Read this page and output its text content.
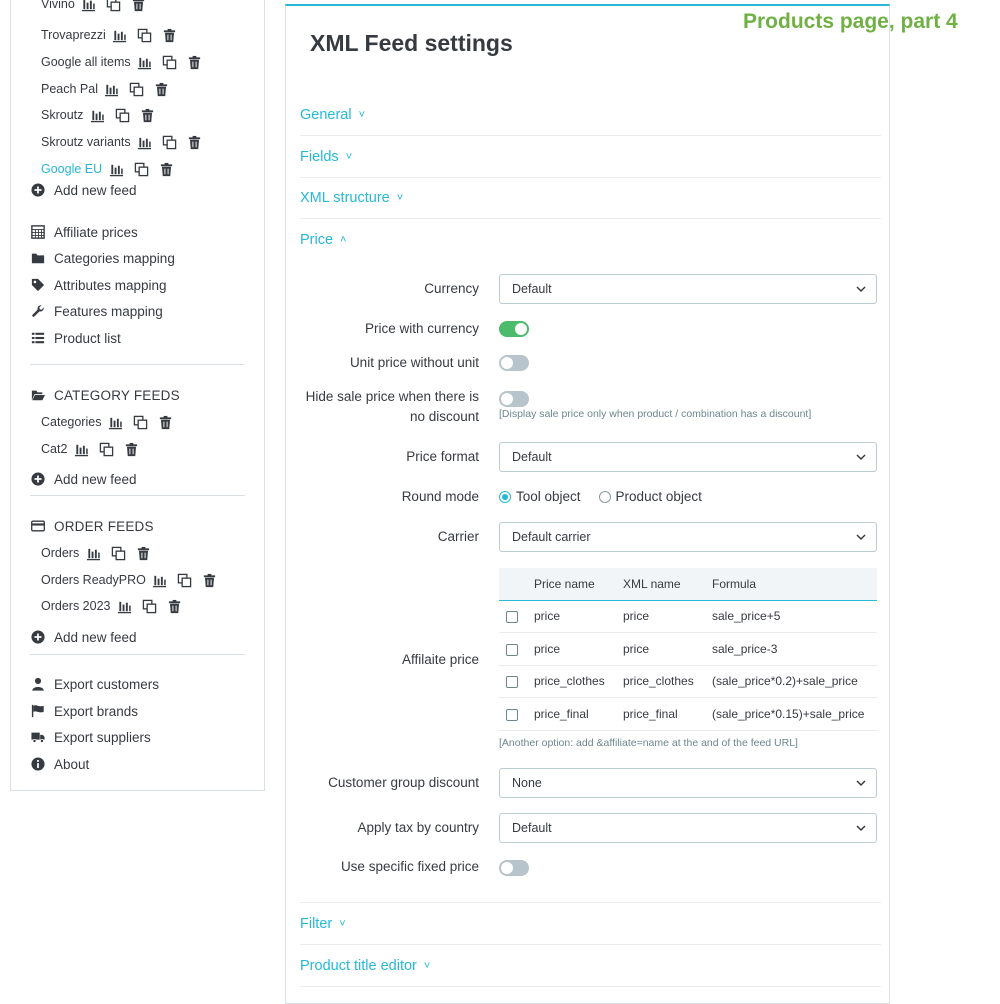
Vivino
Trovaprezzi
Google all items
Peach Pal
Skroutz
Skroutz variants
Google EU
Add new feed
Affiliate prices
Categories mapping
Attributes mapping
Features mapping
Product list
CATEGORY FEEDS
Categories
Cat2
Add new feed
ORDER FEEDS
Orders
Orders ReadyPRO
Orders 2023
Add new feed
Export customers
Export brands
Export suppliers
About
XML Feed settings
General ˅
Fields ˅
XML structure ˅
Price ˄
Currency	Default
Price with currency
Unit price without unit
Hide sale price when there is
no discount [Display sale price only when product / combination has a discount]
Price format	Default
Round mode	Tool object	Product object
Carrier	Default carrier
Affilaite price
	Price name	XML name	Formula
	price	price	sale_price+5
	price	price	sale_price-3
	price_clothes	price_clothes	(sale_price*0.2)+sale_price
	price_final	price_final	(sale_price*0.15)+sale_price
[Another option: add &affiliate=name at the and of the feed URL]
Customer group discount	None
Apply tax by country	Default
Use specific fixed price
Filter ˅
Product title editor ˅
Products page, part 4
